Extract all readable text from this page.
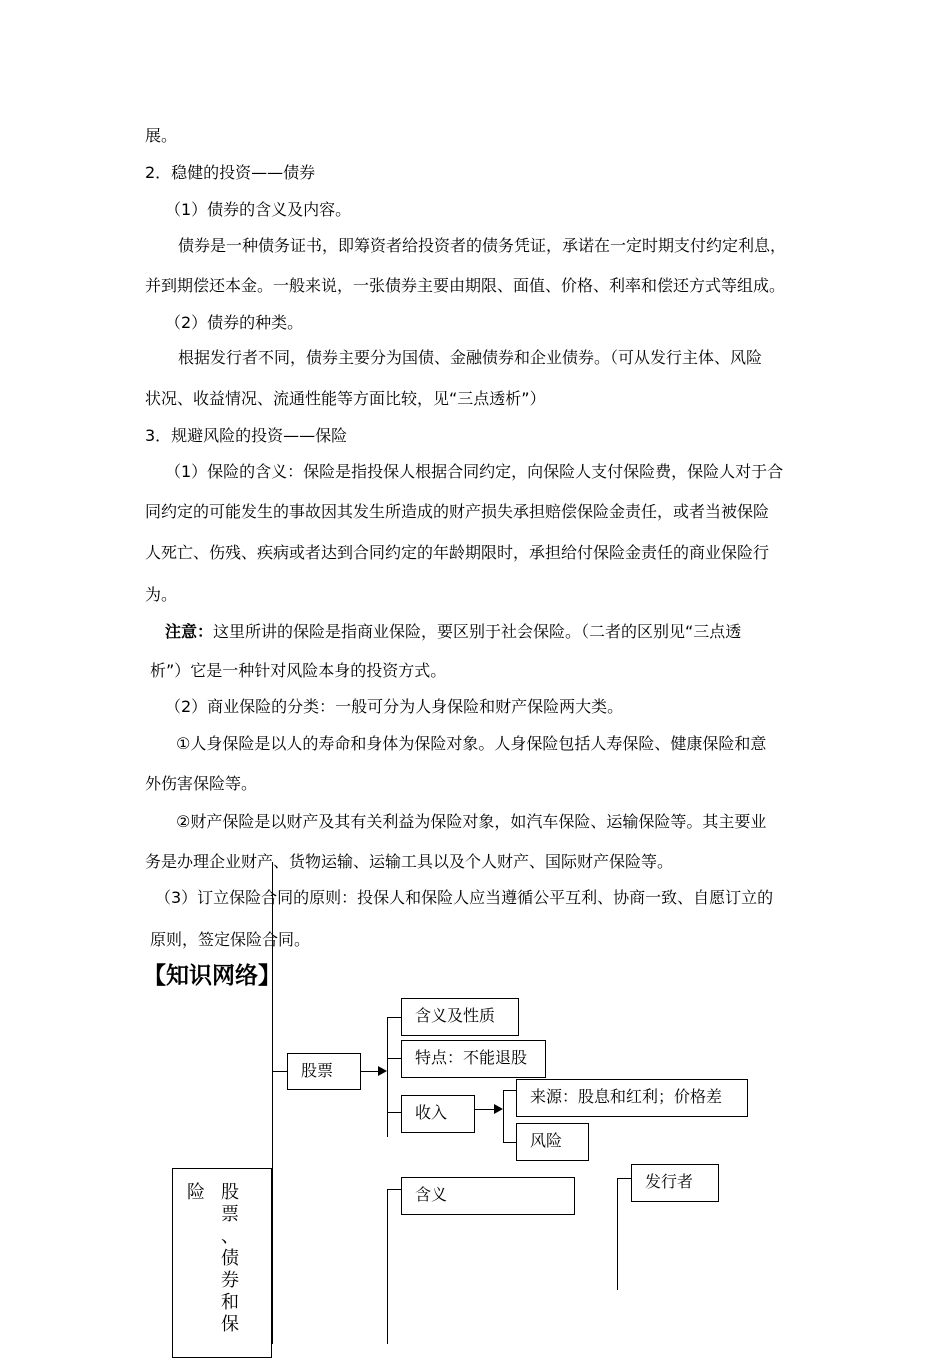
展。
2．稳健的投资——债券
（1）债券的含义及内容。
债券是一种债务证书，即筹资者给投资者的债务凭证，承诺在一定时期支付约定利息，
并到期偿还本金。一般来说，一张债券主要由期限、面值、价格、利率和偿还方式等组成。
（2）债券的种类。
根据发行者不同，债券主要分为国债、金融债券和企业债券。（可从发行主体、风险
状况、收益情况、流通性能等方面比较，见“三点透析”）
3．规避风险的投资——保险
（1）保险的含义：保险是指投保人根据合同约定，向保险人支付保险费，保险人对于合
同约定的可能发生的事故因其发生所造成的财产损失承担赔偿保险金责任，或者当被保险
人死亡、伤残、疾病或者达到合同约定的年龄期限时，承担给付保险金责任的商业保险行
为。
注意：这里所讲的保险是指商业保险，要区别于社会保险。（二者的区别见“三点透
析”）它是一种针对风险本身的投资方式。
（2）商业保险的分类：一般可分为人身保险和财产保险两大类。
①人身保险是以人的寿命和身体为保险对象。人身保险包括人寿保险、健康保险和意
外伤害保险等。
②财产保险是以财产及其有关利益为保险对象，如汽车保险、运输保险等。其主要业
务是办理企业财产、货物运输、运输工具以及个人财产、国际财产保险等。
（3）订立保险合同的原则：投保人和保险人应当遵循公平互利、协商一致、自愿订立的
原则，签定保险合同。
【知识网络】
险 股
票
、
债
券
和
保
股票
含义及性质
特点：不能退股
收入
来源：股息和红利；价格差
风险
含义
发行者
